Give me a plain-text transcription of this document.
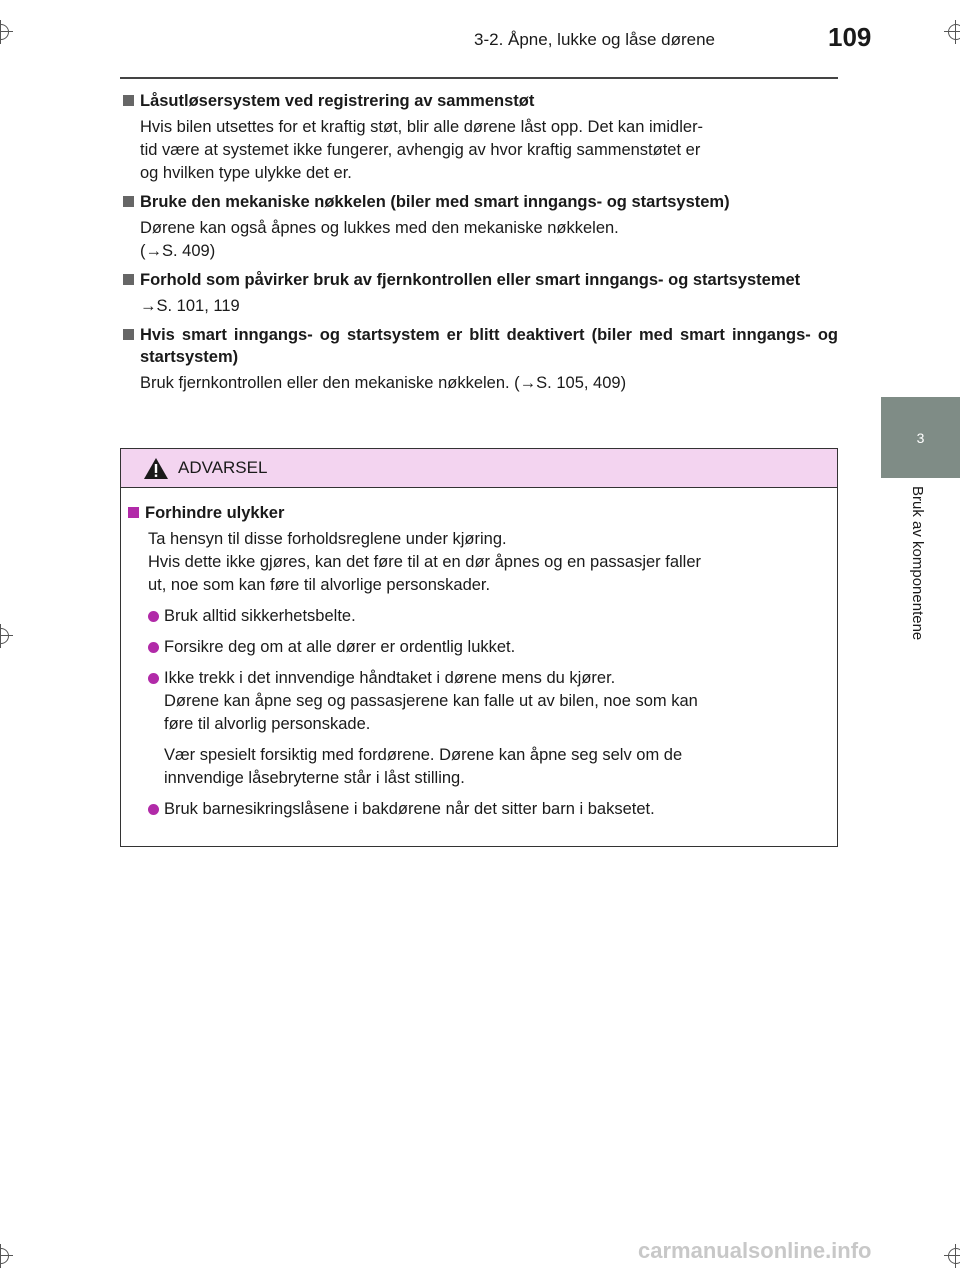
3-2. Åpne, lukke og låse dørene	109
3
Bruk av komponentene
Låsutløsersystem ved registrering av sammenstøt
Hvis bilen utsettes for et kraftig støt, blir alle dørene låst opp. Det kan imidler-
tid være at systemet ikke fungerer, avhengig av hvor kraftig sammenstøtet er
og hvilken type ulykke det er.
Bruke den mekaniske nøkkelen (biler med smart inngangs- og startsystem)
Dørene kan også åpnes og lukkes med den mekaniske nøkkelen.
(→S. 409)
Forhold som påvirker bruk av fjernkontrollen eller smart inngangs- og startsystemet
→S. 101, 119
Hvis smart inngangs- og startsystem er blitt deaktivert (biler med smart inngangs- og startsystem)
Bruk fjernkontrollen eller den mekaniske nøkkelen. (→S. 105, 409)
ADVARSEL
Forhindre ulykker
Ta hensyn til disse forholdsreglene under kjøring.
Hvis dette ikke gjøres, kan det føre til at en dør åpnes og en passasjer faller
ut, noe som kan føre til alvorlige personskader.
Bruk alltid sikkerhetsbelte.
Forsikre deg om at alle dører er ordentlig lukket.
Ikke trekk i det innvendige håndtaket i dørene mens du kjører.
Dørene kan åpne seg og passasjerene kan falle ut av bilen, noe som kan
føre til alvorlig personskade.
Vær spesielt forsiktig med fordørene. Dørene kan åpne seg selv om de
innvendige låsebryterne står i låst stilling.
Bruk barnesikringslåsene i bakdørene når det sitter barn i baksetet.
carmanualsonline.info
